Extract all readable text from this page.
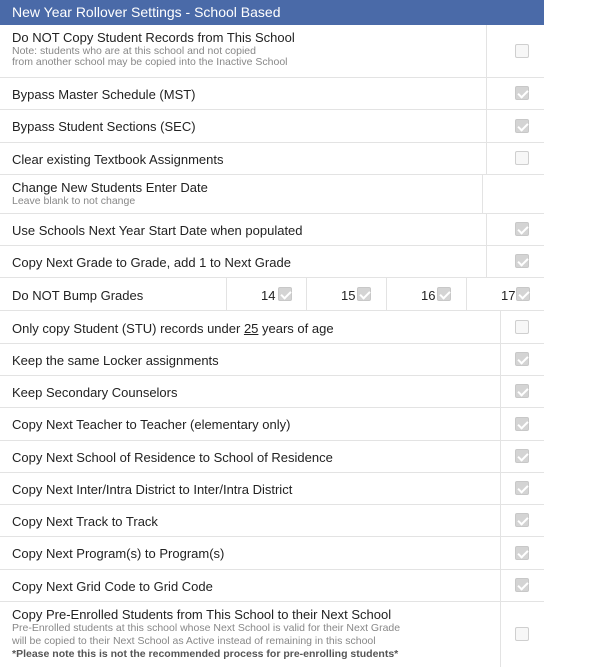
New Year Rollover Settings - School Based
Do NOT Copy Student Records from This School
Note: students who are at this school and not copied
from another school may be copied into the Inactive School
Bypass Master Schedule (MST)
Bypass Student Sections (SEC)
Clear existing Textbook Assignments
Change New Students Enter Date
Leave blank to not change
Use Schools Next Year Start Date when populated
Copy Next Grade to Grade, add 1 to Next Grade
Do NOT Bump Grades	14	15	16	17
Only copy Student (STU) records under 25 years of age
Keep the same Locker assignments
Keep Secondary Counselors
Copy Next Teacher to Teacher (elementary only)
Copy Next School of Residence to School of Residence
Copy Next Inter/Intra District to Inter/Intra District
Copy Next Track to Track
Copy Next Program(s) to Program(s)
Copy Next Grid Code to Grid Code
Copy Pre-Enrolled Students from This School to their Next School
Pre-Enrolled students at this school whose Next School is valid for their Next Grade
will be copied to their Next School as Active instead of remaining in this school
*Please note this is not the recommended process for pre-enrolling students*
